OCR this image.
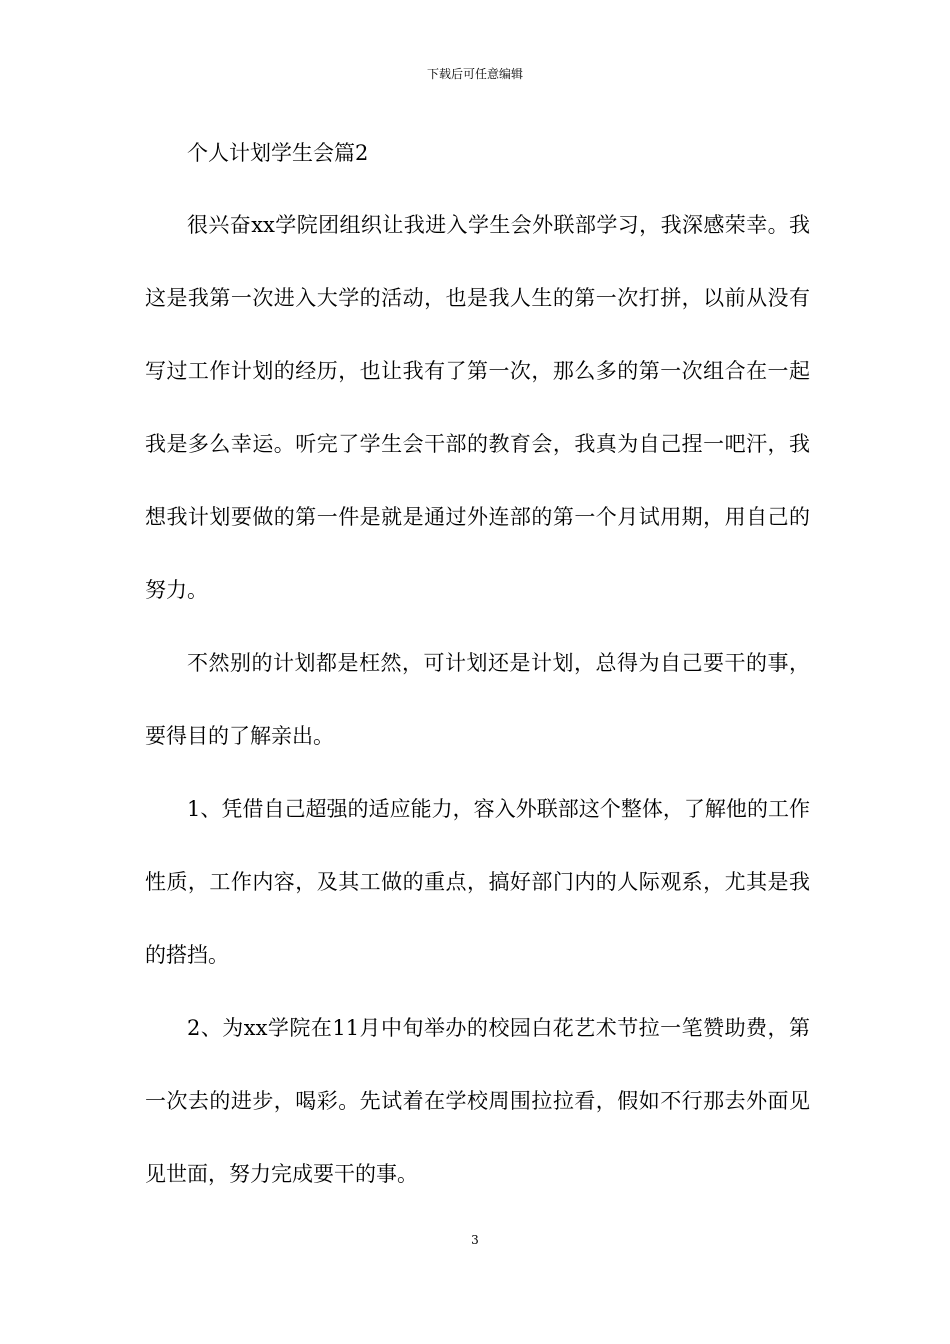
下载后可任意编辑

个人计划学生会篇2

很兴奋xx学院团组织让我进入学生会外联部学习，我深感荣幸。我这是我第一次进入大学的活动，也是我人生的第一次打拼，以前从没有写过工作计划的经历，也让我有了第一次，那么多的第一次组合在一起我是多么幸运。听完了学生会干部的教育会，我真为自己捏一吧汗，我想我计划要做的第一件是就是通过外连部的第一个月试用期，用自己的努力。

不然别的计划都是枉然，可计划还是计划，总得为自己要干的事，要得目的了解亲出。

1、凭借自己超强的适应能力，容入外联部这个整体，了解他的工作性质，工作内容，及其工做的重点，搞好部门内的人际观系，尤其是我的搭挡。

2、为xx学院在11月中旬举办的校园白花艺术节拉一笔赞助费，第一次去的进步，喝彩。先试着在学校周围拉拉看，假如不行那去外面见见世面，努力完成要干的事。

3
